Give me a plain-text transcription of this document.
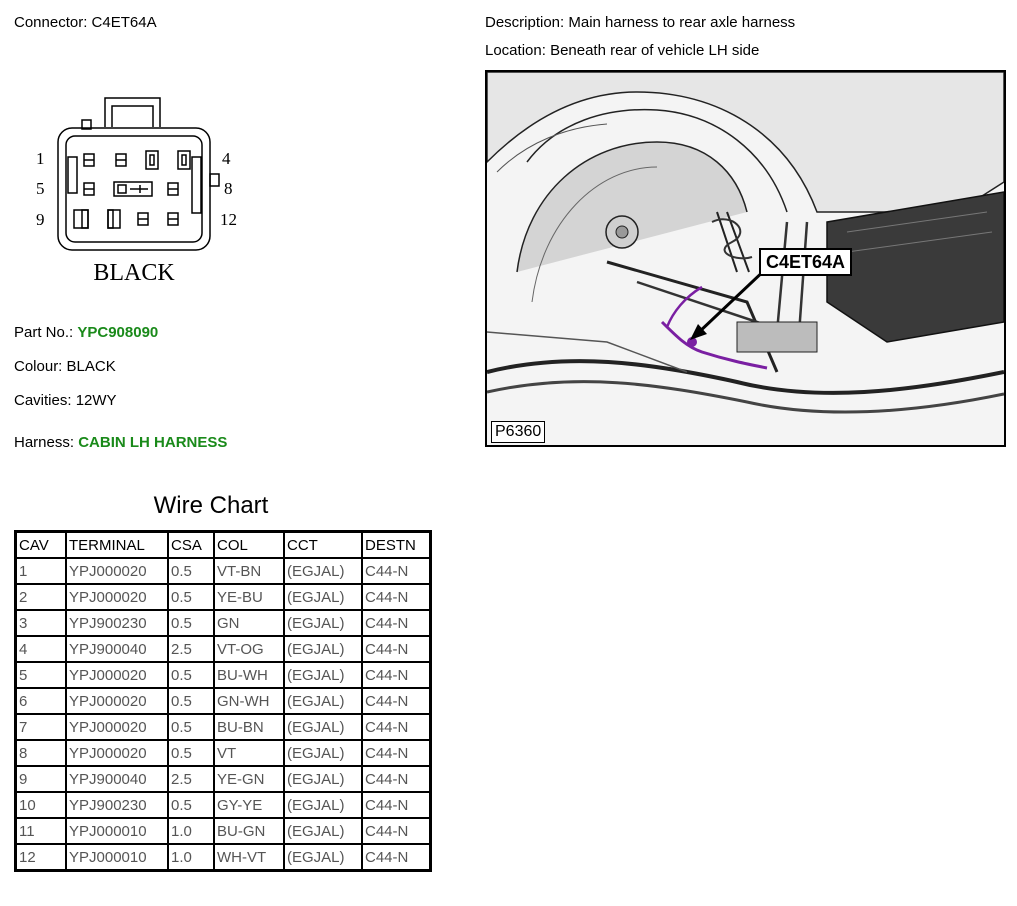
Connector: C4ET64A	Description: Main harness to rear axle harness
Location: Beneath rear of vehicle LH side
1	4
5	8
9	12
BLACK
Part No.: YPC908090
Colour: BLACK
Cavities: 12WY
Harness: CABIN LH HARNESS
P6360
C4ET64A
Wire Chart
CAV	TERMINAL	CSA	COL	CCT	DESTN
1	YPJ000020	0.5	VT-BN	(EGJAL)	C44-N
2	YPJ000020	0.5	YE-BU	(EGJAL)	C44-N
3	YPJ900230	0.5	GN	(EGJAL)	C44-N
4	YPJ900040	2.5	VT-OG	(EGJAL)	C44-N
5	YPJ000020	0.5	BU-WH	(EGJAL)	C44-N
6	YPJ000020	0.5	GN-WH	(EGJAL)	C44-N
7	YPJ000020	0.5	BU-BN	(EGJAL)	C44-N
8	YPJ000020	0.5	VT	(EGJAL)	C44-N
9	YPJ900040	2.5	YE-GN	(EGJAL)	C44-N
10	YPJ900230	0.5	GY-YE	(EGJAL)	C44-N
11	YPJ000010	1.0	BU-GN	(EGJAL)	C44-N
12	YPJ000010	1.0	WH-VT	(EGJAL)	C44-N
